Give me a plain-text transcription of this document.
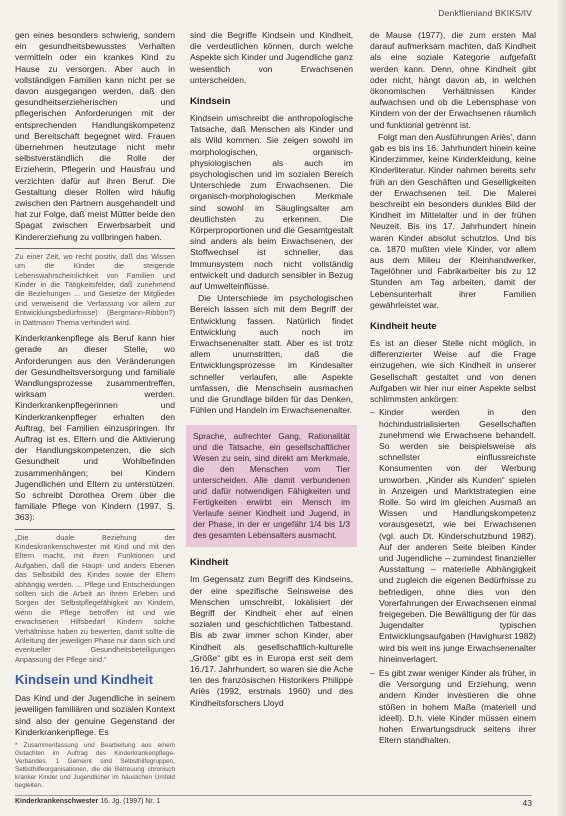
Denkflieniand BKIKS/IV

gen eines besonders schwierig, sondern ein gesundheitsbewusstes Verhalten vermitteln oder ein krankes Kind zu Hause zu versorgen. Aber auch in vollständigen Familien kann nicht per se davon ausgegangen werden, daß den gesundheitserzieherischen und pflegerischen Anforderungen mit der entsprechenden Handlungskompetenz und Bereitschaft begegnet wird. Frauen übernehmen heutzutage nicht mehr selbstverständlich die Rolle der Erzieherin, Pflegerin und Hausfrau und verzichten dafür auf ihren Beruf. Die Gestaltung dieser Rollen wird häufig zwischen den Partnern ausgehandelt und hat zur Folge, daß meist Mütter beide den Spagat zwischen Erwerbsarbeit und Kindererziehung zu vollbringen haben.

Zu einer Zeit, wo recht positiv, daß das Wissen um die Kinder die steigende Lebenswahrscheinlichkeit von Familien und Kinder in die Tätigkeitsfelder, daß zunehmend die Beziehungen ... und Gesetze der Mitglieder und verweisend die Verfassung vor allem zur Entwicklungsbedürfnisse) (Bergmann-Ribbon?) in Dattmann Thema verhindert wird.

Kinderkrankenpflege als Beruf kann hier gerade an dieser Stelle, wo Anforderungen aus den Veränderungen der Gesundheitsversorgung und familiale Wandlungsprozesse zusammentreffen, wirksam werden. Kinderkrankenpflegerinnen und Kinderkrankenpfleger erhalten den Auftrag, bei Familien einzuspringen. Ihr Auftrag ist es, Eltern und die Aktivierung der Handlungskompetenzen, die sich Gesundheit und Wohlbefinden zusammenhängen; bei Kindern Jugendlichen und Eltern zu unterstützen. So schreibt Dorothea Orem über die familiale Pflege von Kindern (1997, S. 363):

„Die duale Beziehung der Kindeskrankenschwester mit Kind und mit den Eltern macht, mit ihren Funktionen und Aufgaben, daß die Haupt- und anders Ebenen das Selbstbild des Kindes sowie der Eltern abhängig werden. ... Pflege und Entscheidungen sollten sich die Arbeit an ihrem Erleben und Sorgen der Selbstpflegefähigkeit an Kindern, wenn die Pflege betroffen ist und wie erwachsenen Hilfsbedarf Kindern solche Verhältnisse haben zu bewerten, damit sollte die Anleitung der jeweiligen Phase nur dann sich und eventueller Gesundheitsbeteiligungen Anpassung der Pflege sind.“
Kindsein und Kindheit

Das Kind und der Jugendliche in seinem jeweiligen familiären und sozialen Kontext sind also der genuine Gegenstand der Kinderkrankenpflege. Es

* Zusammenfassung und Bearbeitung aus einem Gutachten im Auftrag des Kinderkrankenpflege-Verbandes. 1 Gemeint sind Selbsthilfegruppen, Selbsthilfeorganisationen, die die Betreuung chronisch kranker Kinder und Jugendlicher im häuslichen Umfeld begleiten.

sind die Begriffe Kindsein und Kindheit, die verdeutlichen können, durch welche Aspekte sich Kinder und Jugendliche ganz wesentlich von Erwachsenen unterscheiden.

Kindsein

Kindsein umschreibt die anthropologische Tatsache, daß Menschen als Kinder und als Wild kommen. Sie zeigen sowohl im morphologischen, organisch-physiologischen als auch im psychologischen und im sozialen Bereich Unterschiede zum Erwachsenen. Die organisch-morphologischen Merkmale sind sowohl im Säuglingsalter am deutlichsten zu erkennen. Die Körperproportionen und die Gesamtgestalt sind anders als beim Erwachsenen, der Stoffwechsel ist schneller, das Immunsystem noch nicht vollständig entwickelt und dadurch sensibler in Bezug auf Umwelteinflüsse.

Die Unterschiede im psychologischen Bereich lassen sich mit dem Begriff der Entwicklung fassen. Natürlich findet Entwicklung auch noch im Erwachsenenalter statt. Aber es ist trotz allem unumstritten, daß die Entwicklungsprozesse im Kindesalter schneller verlaufen, alle Aspekte umfassen, die Menschsein ausmachen und die Grundlage bilden für das Denken, Fühlen und Handeln im Erwachsenenalter.

Sprache, aufrechter Gang, Rationalität und die Tatsache, ein gesellschaftlicher Wesen zu sein, sind direkt am Merkmale, die den Menschen vom Tier unterscheiden. Alle damit verbundenen und dafür notwendigen Fähigkeiten und Fertigkeiten erwirbt ein Mensch im Verlaufe seiner Kindheit und Jugend, in der Phase, in der er ungefähr 1/4 bis 1/3 des gesamten Lebensalters ausmacht.
Kindheit

Im Gegensatz zum Begriff des Kindseins, der eine spezifische Seinsweise des Menschen umschreibt, lokalisiert der Begriff der Kindheit eher auf einen sozialen und geschichtlichen Tatbestand. Bis ab zwar immer schon Kinder, aber Kindheit als gesellschaftlich-kulturelle „Größe“ gibt es in Europa erst seit dem 16./17. Jahrhundert, so waren sie die Ache ten des französischen Historikers Philippe Ariès (1992, erstmals 1960) und des Kindheitsforschers Lloyd

de Mause (1977), die zum ersten Mal darauf aufmerksam machten, daß Kindheit als eine soziale Kategorie aufgefaßt werden kann. Denn, ohne Kindheit gibt oder nicht, hängt davon ab, in welchen ökonomischen Verhältnissen Kinder aufwachsen und ob die Lebensphase von Kindern von der der Erwachsenen räumlich und funktional getrennt ist.

Folgt man den Ausführungen Ariès', dann gab es bis ins 16. Jahrhundert hinein keine Kinderzimmer, keine Kinderkleidung, keine Kinderliteratur. Kinder nahmen bereits sehr früh an den Geschäften und Geselligkeiten der Erwachsenen teil. Die Malerei beschreibt ein besonders dunkles Bild der Kindheit im Mittelalter und in der frühen Neuzeit. Bis ins 17. Jahrhundert hinein waren Kinder absolut schutzlos. Und bis ca. 1870 mußten viele Kinder, vor allem aus dem Milieu der Kleinhandwerker, Tagelöhner und Fabrikarbeiter bis zu 12 Stunden am Tag arbeiten, damit der Lebensunterhalt ihrer Familien gewährleistet war.

Kindheit heute

Es ist an dieser Stelle nicht möglich, in differenzierter Weise auf die Frage einzugehen, wie sich Kindheit in unserer Gesellschaft gestaltet und von denen Aufgaben wir hier nur einer Aspekte selbst schlimmsten ankörgen:

– Kinder werden in den hochindustrialisierten Gesellschaften zunehmend wie Erwachsene behandelt. So werden sie beispielsweise als schnellster einflussreichste Konsumenten von der Werbung umworben. „Kinder als Kunden“ spielen in Anzeigen und Marktstrategien eine Rolle. So wird im gleichen Ausmaß an Wissen und Handlungskompetenz vorausgesetzt, wie bei Erwachsenen (vgl. auch Dt. Kinderschutzbund 1982). Auf der anderen Seite bleiben Kinder und Jugendliche – zumindest finanzieller Ausstattung – materielle Abhängigkeit und zugleich die eigenen Bedürfnisse zu befriedigen, ohne dies von den Vorerfahrungen der Erwachsenen einmal freigegeben. Die Bewältigung der für das Jugendalter typischen Entwicklungsaufgaben (Havighurst 1982) wird bis weit ins junge Erwachsenenalter hineinverlagert.
– Es gibt zwar weniger Kinder als früher, in die Versorgung und Erziehung, wenn andern Kinder investieren die ohne stößen in hohem Maße (materiell und ideell). D.h. viele Kinder müssen einem hohen Erwartungsdruck seitens ihrer Eltern standhalten.
Kinderkrankenschwester 16. Jg. (1997) Nr. 1	43
